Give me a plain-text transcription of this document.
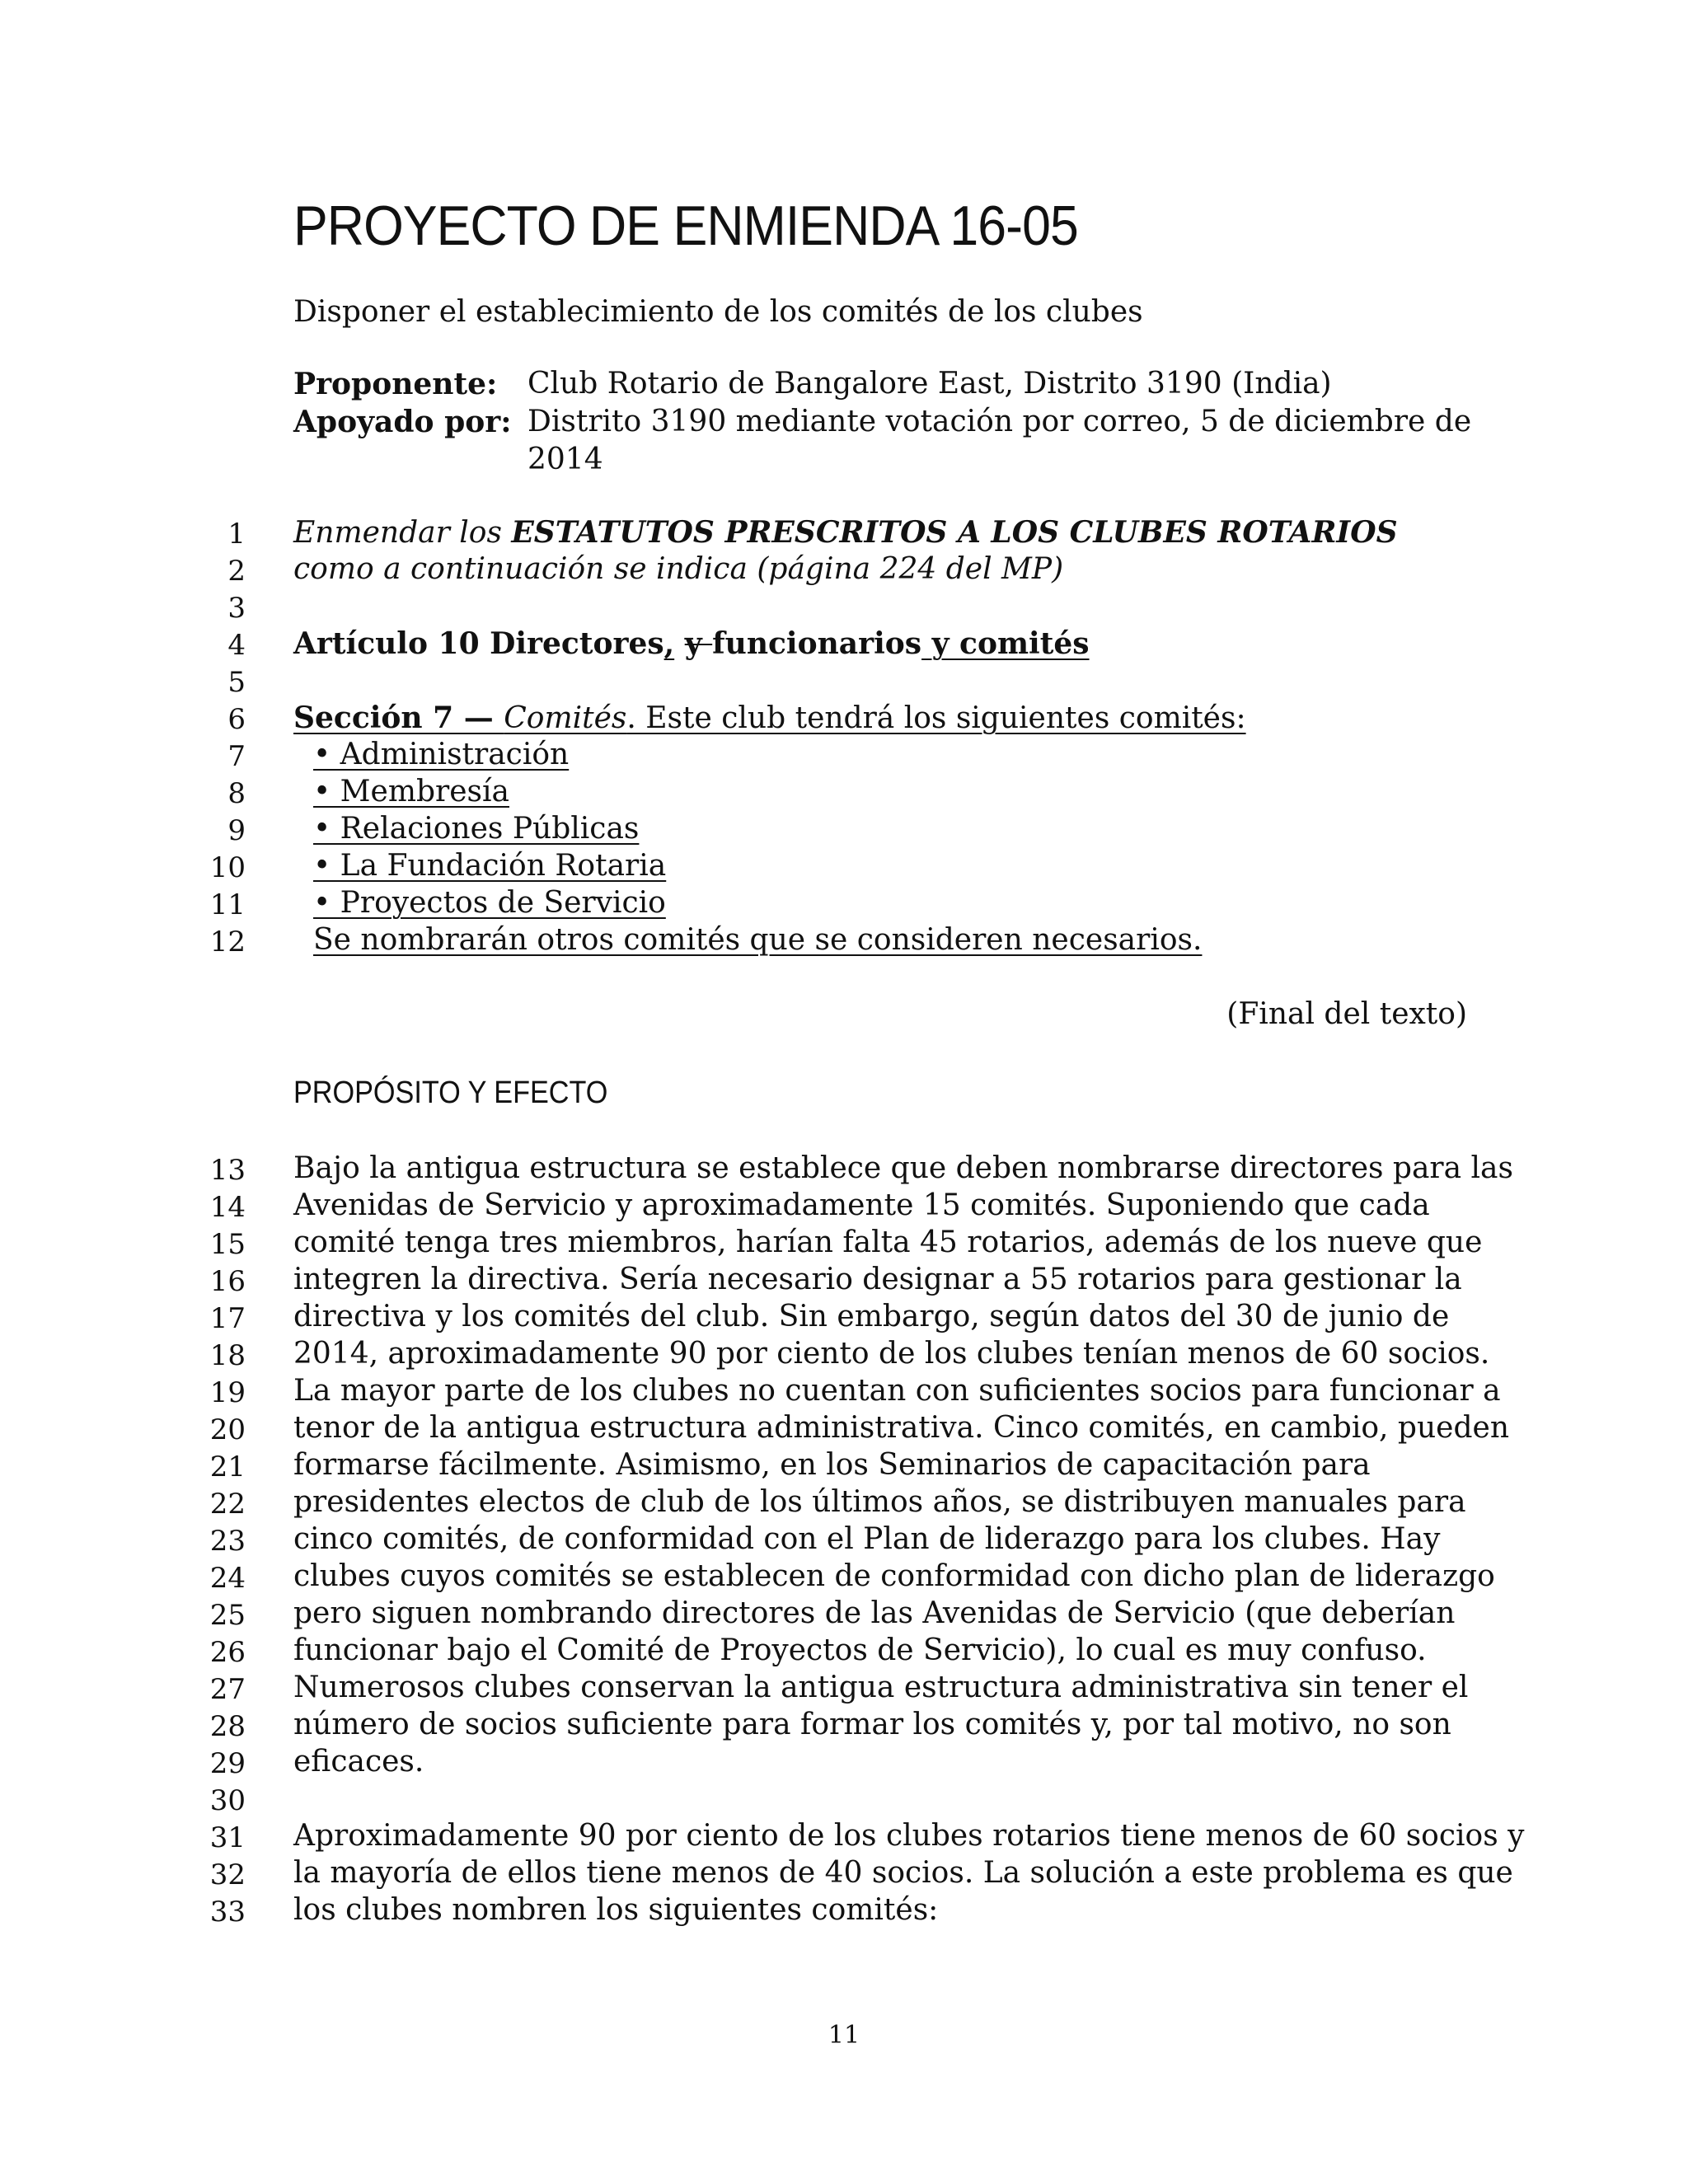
PROYECTO DE ENMIENDA 16-05
Disponer el establecimiento de los comités de los clubes
Proponente: Club Rotario de Bangalore East, Distrito 3190 (India)
Apoyado por: Distrito 3190 mediante votación por correo, 5 de diciembre de
2014
1
2
3
4
5
6
7
8
9
10
11
12
Enmendar los ESTATUTOS PRESCRITOS A LOS CLUBES ROTARIOS
como a continuación se indica (página 224 del MP)
Artículo 10 Directores, y funcionarios y comités
Sección 7 — Comités. Este club tendrá los siguientes comités:
• Administración
• Membresía
• Relaciones Públicas
• La Fundación Rotaria
• Proyectos de Servicio
Se nombrarán otros comités que se consideren necesarios.
(Final del texto)
PROPÓSITO Y EFECTO
13
14
15
16
17
18
19
20
21
22
23
24
25
26
27
28
29
30
31
32
33
Bajo la antigua estructura se establece que deben nombrarse directores para las
Avenidas de Servicio y aproximadamente 15 comités. Suponiendo que cada
comité tenga tres miembros, harían falta 45 rotarios, además de los nueve que
integren la directiva. Sería necesario designar a 55 rotarios para gestionar la
directiva y los comités del club. Sin embargo, según datos del 30 de junio de
2014, aproximadamente 90 por ciento de los clubes tenían menos de 60 socios.
La mayor parte de los clubes no cuentan con suficientes socios para funcionar a
tenor de la antigua estructura administrativa. Cinco comités, en cambio, pueden
formarse fácilmente. Asimismo, en los Seminarios de capacitación para
presidentes electos de club de los últimos años, se distribuyen manuales para
cinco comités, de conformidad con el Plan de liderazgo para los clubes. Hay
clubes cuyos comités se establecen de conformidad con dicho plan de liderazgo
pero siguen nombrando directores de las Avenidas de Servicio (que deberían
funcionar bajo el Comité de Proyectos de Servicio), lo cual es muy confuso.
Numerosos clubes conservan la antigua estructura administrativa sin tener el
número de socios suficiente para formar los comités y, por tal motivo, no son
eficaces.
Aproximadamente 90 por ciento de los clubes rotarios tiene menos de 60 socios y
la mayoría de ellos tiene menos de 40 socios. La solución a este problema es que
los clubes nombren los siguientes comités:
11
